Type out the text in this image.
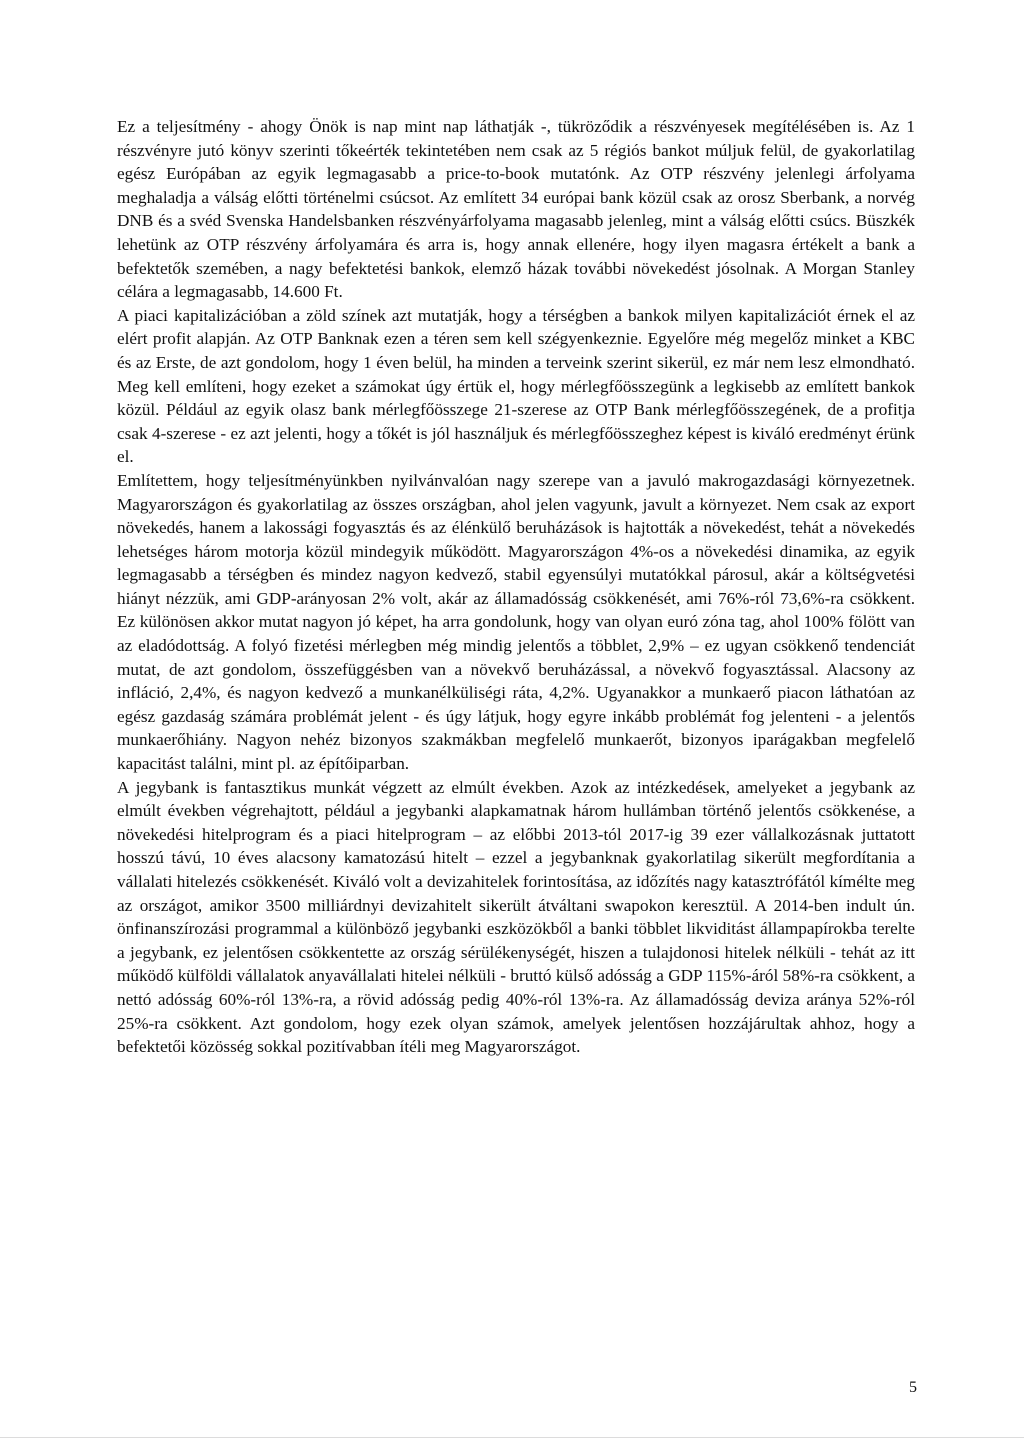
Ez a teljesítmény - ahogy Önök is nap mint nap láthatják -, tükröződik a részvényesek megítélésében is. Az 1 részvényre jutó könyv szerinti tőkeérték tekintetében nem csak az 5 régiós bankot múljuk felül, de gyakorlatilag egész Európában az egyik legmagasabb a price-to-book mutatónk. Az OTP részvény jelenlegi árfolyama meghaladja a válság előtti történelmi csúcsot. Az említett 34 európai bank közül csak az orosz Sberbank, a norvég DNB és a svéd Svenska Handelsbanken részvényárfolyama magasabb jelenleg, mint a válság előtti csúcs. Büszkék lehetünk az OTP részvény árfolyamára és arra is, hogy annak ellenére, hogy ilyen magasra értékelt a bank a befektetők szemében, a nagy befektetési bankok, elemző házak további növekedést jósolnak. A Morgan Stanley célára a legmagasabb, 14.600 Ft.

A piaci kapitalizációban a zöld színek azt mutatják, hogy a térségben a bankok milyen kapitalizációt érnek el az elért profit alapján. Az OTP Banknak ezen a téren sem kell szégyenkeznie. Egyelőre még megelőz minket a KBC és az Erste, de azt gondolom, hogy 1 éven belül, ha minden a terveink szerint sikerül, ez már nem lesz elmondható. Meg kell említeni, hogy ezeket a számokat úgy értük el, hogy mérlegfőösszegünk a legkisebb az említett bankok közül. Például az egyik olasz bank mérlegfőösszege 21-szerese az OTP Bank mérlegfőösszegének, de a profitja csak 4-szerese - ez azt jelenti, hogy a tőkét is jól használjuk és mérlegfőösszeghez képest is kiváló eredményt érünk el.

Említettem, hogy teljesítményünkben nyilvánvalóan nagy szerepe van a javuló makrogazdasági környezetnek. Magyarországon és gyakorlatilag az összes országban, ahol jelen vagyunk, javult a környezet. Nem csak az export növekedés, hanem a lakossági fogyasztás és az élénkülő beruházások is hajtották a növekedést, tehát a növekedés lehetséges három motorja közül mindegyik működött. Magyarországon 4%-os a növekedési dinamika, az egyik legmagasabb a térségben és mindez nagyon kedvező, stabil egyensúlyi mutatókkal párosul, akár a költségvetési hiányt nézzük, ami GDP-arányosan 2% volt, akár az államadósság csökkenését, ami 76%-ról 73,6%-ra csökkent. Ez különösen akkor mutat nagyon jó képet, ha arra gondolunk, hogy van olyan euró zóna tag, ahol 100% fölött van az eladódottság. A folyó fizetési mérlegben még mindig jelentős a többlet, 2,9% – ez ugyan csökkenő tendenciát mutat, de azt gondolom, összefüggésben van a növekvő beruházással, a növekvő fogyasztással. Alacsony az infláció, 2,4%, és nagyon kedvező a munkanélküliségi ráta, 4,2%. Ugyanakkor a munkaerő piacon láthatóan az egész gazdaság számára problémát jelent - és úgy látjuk, hogy egyre inkább problémát fog jelenteni - a jelentős munkaerőhiány. Nagyon nehéz bizonyos szakmákban megfelelő munkaerőt, bizonyos iparágakban megfelelő kapacitást találni, mint pl. az építőiparban.

A jegybank is fantasztikus munkát végzett az elmúlt években. Azok az intézkedések, amelyeket a jegybank az elmúlt években végrehajtott, például a jegybanki alapkamatnak három hullámban történő jelentős csökkenése, a növekedési hitelprogram és a piaci hitelprogram – az előbbi 2013-tól 2017-ig 39 ezer vállalkozásnak juttatott hosszú távú, 10 éves alacsony kamatozású hitelt – ezzel a jegybanknak gyakorlatilag sikerült megfordítania a vállalati hitelezés csökkenését. Kiváló volt a devizahitelek forintosítása, az időzítés nagy katasztrófától kímélte meg az országot, amikor 3500 milliárdnyi devizahitelt sikerült átváltani swapokon keresztül. A 2014-ben indult ún. önfinanszírozási programmal a különböző jegybanki eszközökből a banki többlet likviditást állampapírokba terelte a jegybank, ez jelentősen csökkentette az ország sérülékenységét, hiszen a tulajdonosi hitelek nélküli - tehát az itt működő külföldi vállalatok anyavállalati hitelei nélküli - bruttó külső adósság a GDP 115%-áról 58%-ra csökkent, a nettó adósság 60%-ról 13%-ra, a rövid adósság pedig 40%-ról 13%-ra. Az államadósság deviza aránya 52%-ról 25%-ra csökkent. Azt gondolom, hogy ezek olyan számok, amelyek jelentősen hozzájárultak ahhoz, hogy a befektetői közösség sokkal pozitívabban ítéli meg Magyarországot.

5
